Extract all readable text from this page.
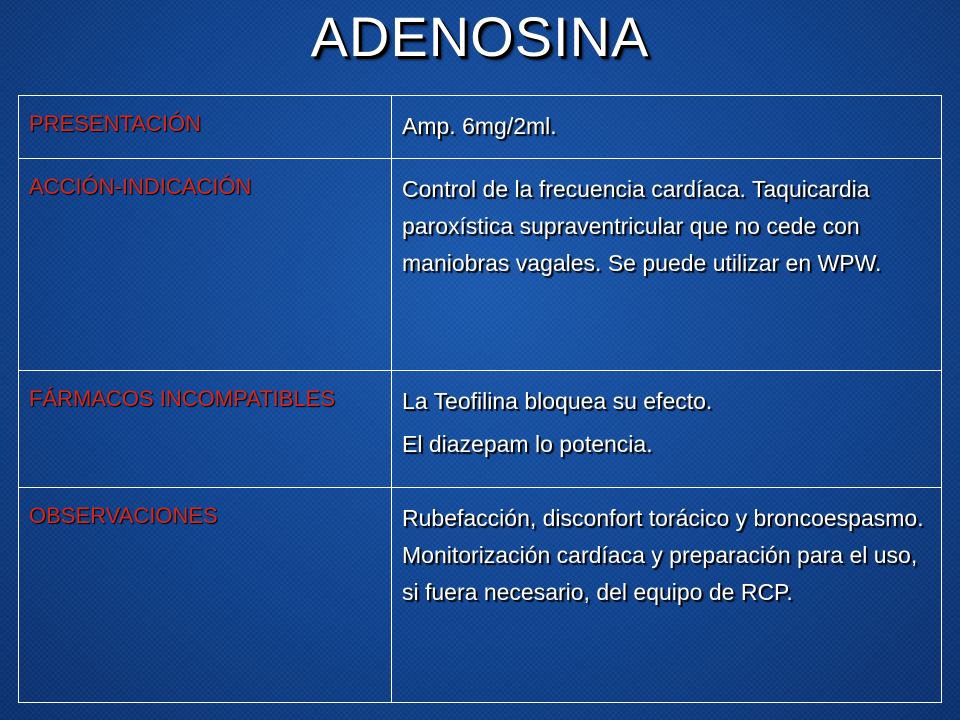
ADENOSINA
PRESENTACIÓN	Amp. 6mg/2ml.

ACCIÓN-INDICACIÓN	Control de la frecuencia cardíaca. Taquicardia paroxística supraventricular que no cede con maniobras vagales. Se puede utilizar en WPW.

FÁRMACOS INCOMPATIBLES	La Teofilina bloquea su efecto.

El diazepam lo potencia.

OBSERVACIONES	Rubefacción, disconfort torácico y broncoespasmo. Monitorización cardíaca y preparación para el uso, si fuera necesario, del equipo de RCP.
